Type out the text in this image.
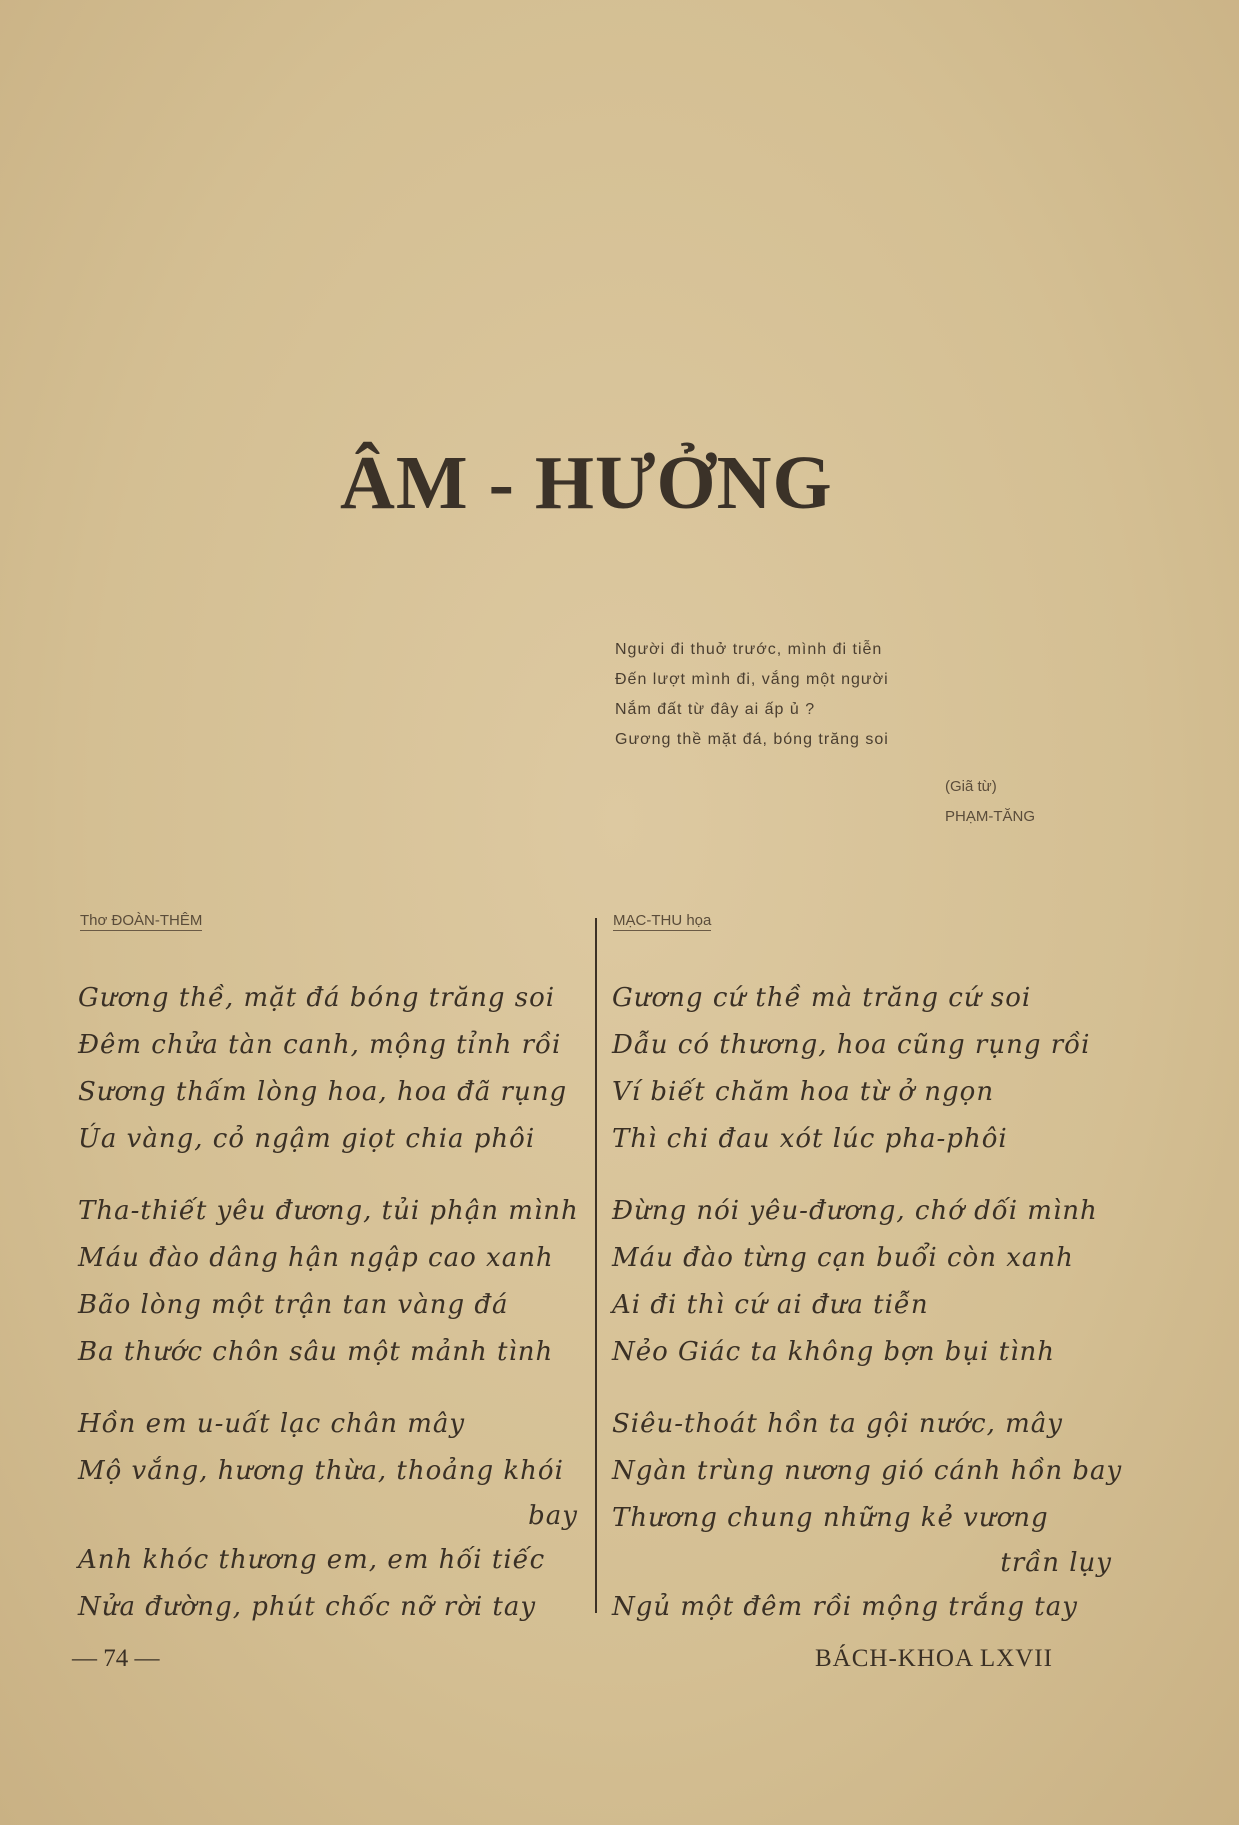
ÂM - HƯỞNG
Người đi thuở trước, mình đi tiễn
Đến lượt mình đi, vắng một người
Nắm đất từ đây ai ấp ủ ?
Gương thề mặt đá, bóng trăng soi
(Giã từ)
PHẠM-TĂNG
Thơ ĐOÀN-THÊM	MẠC-THU họa
Gương thề, mặt đá bóng trăng soi
Đêm chửa tàn canh, mộng tỉnh rồi
Sương thấm lòng hoa, hoa đã rụng
Úa vàng, cỏ ngậm giọt chia phôi
Tha-thiết yêu đương, tủi phận mình
Máu đào dâng hận ngập cao xanh
Bão lòng một trận tan vàng đá
Ba thước chôn sâu một mảnh tình
Hồn em u-uất lạc chân mây
Mộ vắng, hương thừa, thoảng khói
bay
Anh khóc thương em, em hối tiếc
Nửa đường, phút chốc nỡ rời tay
Gương cứ thề mà trăng cứ soi
Dẫu có thương, hoa cũng rụng rồi
Ví biết chăm hoa từ ở ngọn
Thì chi đau xót lúc pha-phôi
Đừng nói yêu-đương, chớ dối mình
Máu đào từng cạn buổi còn xanh
Ai đi thì cứ ai đưa tiễn
Nẻo Giác ta không bợn bụi tình
Siêu-thoát hồn ta gội nước, mây
Ngàn trùng nương gió cánh hồn bay
Thương chung những kẻ vương
trần lụy
Ngủ một đêm rồi mộng trắng tay
— 74 —	BÁCH-KHOA LXVII
